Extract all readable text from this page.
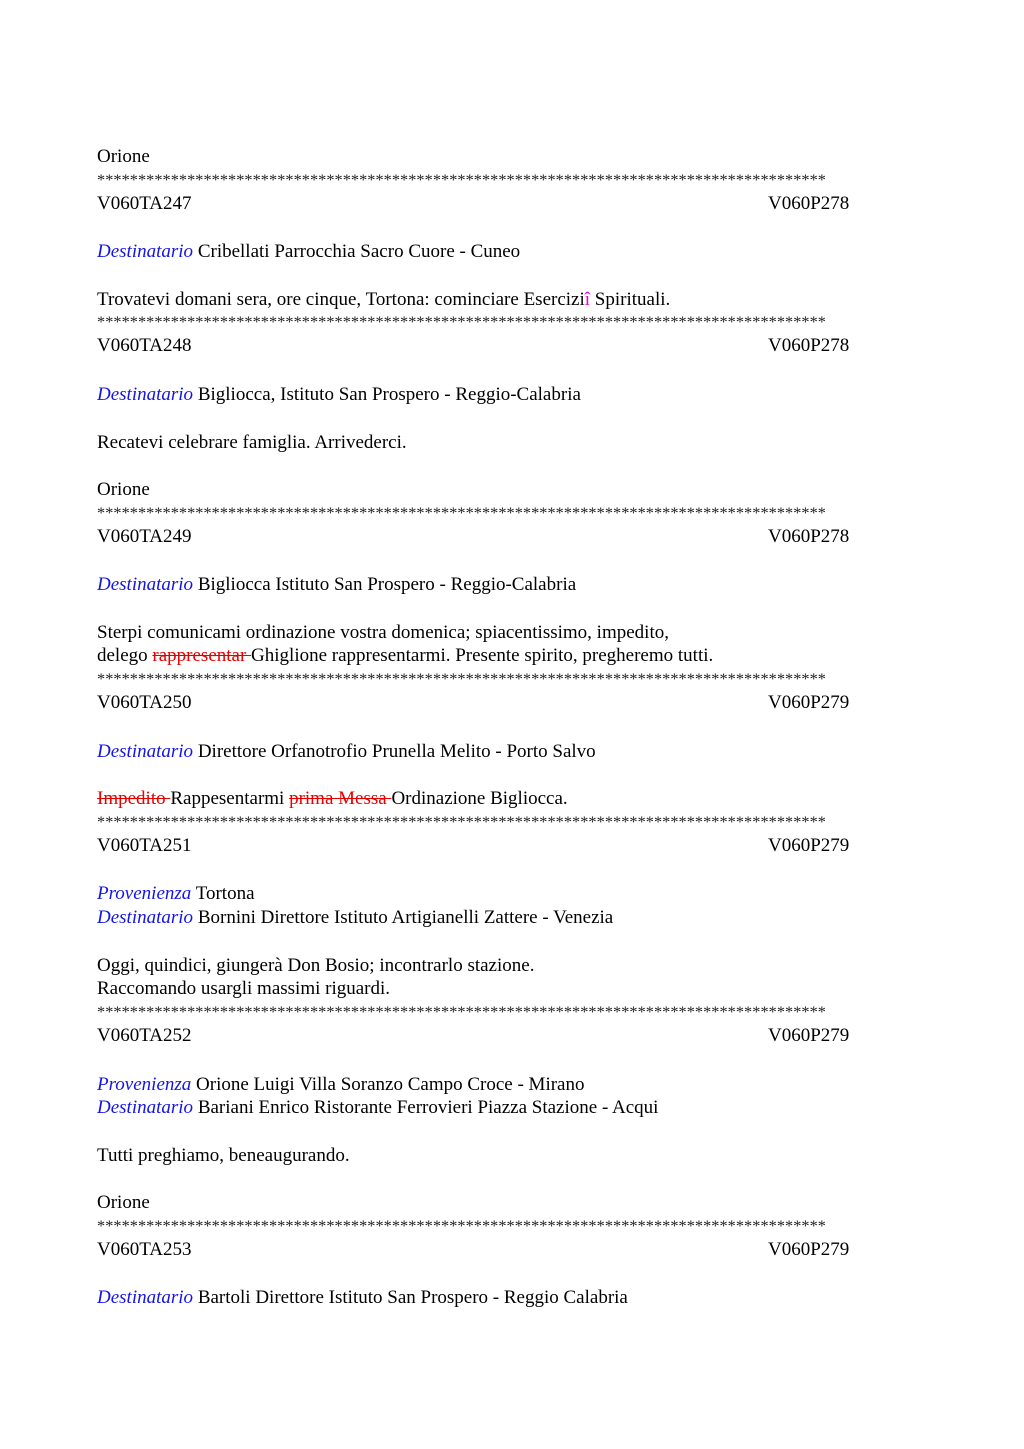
Orione
*****************************************************************************************
V060TA247	V060P278
Destinatario Cribellati Parrocchia Sacro Cuore - Cuneo
Trovatevi domani sera, ore cinque, Tortona: cominciare Eserciziî Spirituali.
*****************************************************************************************
V060TA248	V060P278
Destinatario Bigliocca, Istituto San Prospero - Reggio-Calabria
Recatevi celebrare famiglia. Arrivederci.
Orione
*****************************************************************************************
V060TA249	V060P278
Destinatario Bigliocca Istituto San Prospero - Reggio-Calabria
Sterpi comunicami ordinazione vostra domenica; spiacentissimo, impedito,
delego rappresentar Ghiglione rappresentarmi. Presente spirito, pregheremo tutti.
*****************************************************************************************
V060TA250	V060P279
Destinatario Direttore Orfanotrofio Prunella Melito - Porto Salvo
Impedito Rappesentarmi prima Messa Ordinazione Bigliocca.
*****************************************************************************************
V060TA251	V060P279
Provenienza Tortona
Destinatario Bornini Direttore Istituto Artigianelli Zattere - Venezia
Oggi, quindici, giungerà Don Bosio; incontrarlo stazione.
Raccomando usargli massimi riguardi.
*****************************************************************************************
V060TA252	V060P279
Provenienza Orione Luigi Villa Soranzo Campo Croce - Mirano
Destinatario Bariani Enrico Ristorante Ferrovieri Piazza Stazione - Acqui
Tutti preghiamo, beneaugurando.
Orione
*****************************************************************************************
V060TA253	V060P279
Destinatario Bartoli Direttore Istituto San Prospero - Reggio Calabria
